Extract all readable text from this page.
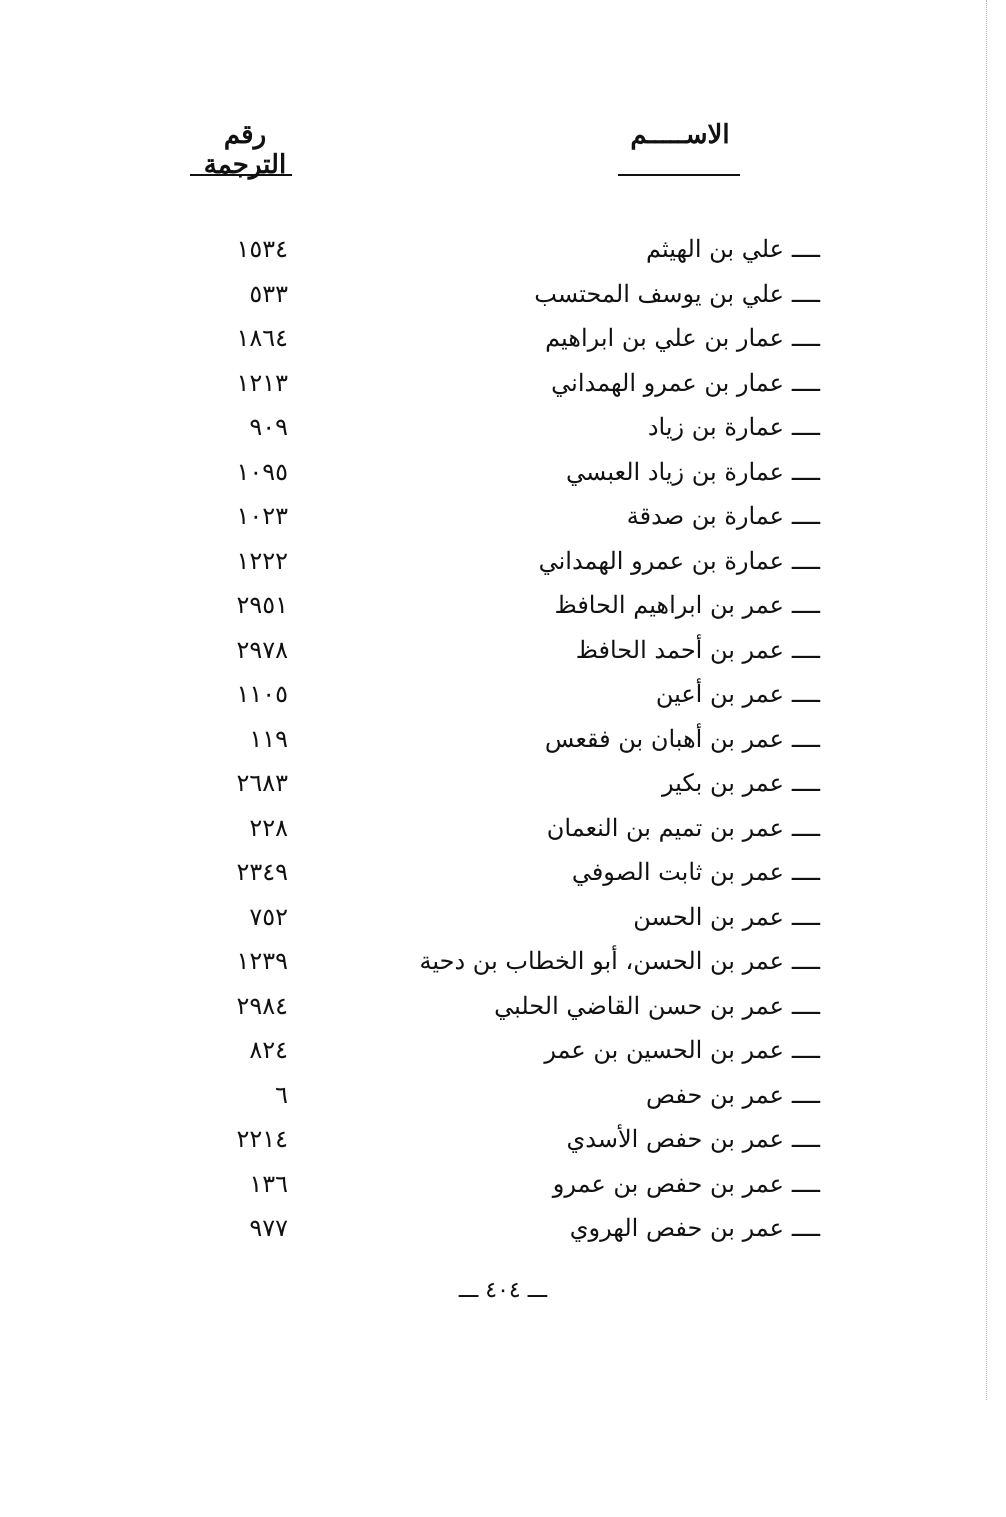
الاســـــم
رقم الترجمة
ــــ
علي بن الهيثم
١٥٣٤
ــــ
علي بن يوسف المحتسب
٥٣٣
ــــ
عمار بن علي بن ابراهيم
١٨٦٤
ــــ
عمار بن عمرو الهمداني
١٢١٣
ــــ
عمارة بن زياد
٩٠٩
ــــ
عمارة بن زياد العبسي
١٠٩٥
ــــ
عمارة بن صدقة
١٠٢٣
ــــ
عمارة بن عمرو الهمداني
١٢٢٢
ــــ
عمر بن ابراهيم الحافظ
٢٩٥١
ــــ
عمر بن أحمد الحافظ
٢٩٧٨
ــــ
عمر بن أعين
١١٠٥
ــــ
عمر بن أهبان بن فقعس
١١٩
ــــ
عمر بن بكير
٢٦٨٣
ــــ
عمر بن تميم بن النعمان
٢٢٨
ــــ
عمر بن ثابت الصوفي
٢٣٤٩
ــــ
عمر بن الحسن
٧٥٢
ــــ
عمر بن الحسن، أبو الخطاب بن دحية
١٢٣٩
ــــ
عمر بن حسن القاضي الحلبي
٢٩٨٤
ــــ
عمر بن الحسين بن عمر
٨٢٤
ــــ
عمر بن حفص
٦
ــــ
عمر بن حفص الأسدي
٢٢١٤
ــــ
عمر بن حفص بن عمرو
١٣٦
ــــ
عمر بن حفص الهروي
٩٧٧
ـــ ٤٠٤ ـــ
